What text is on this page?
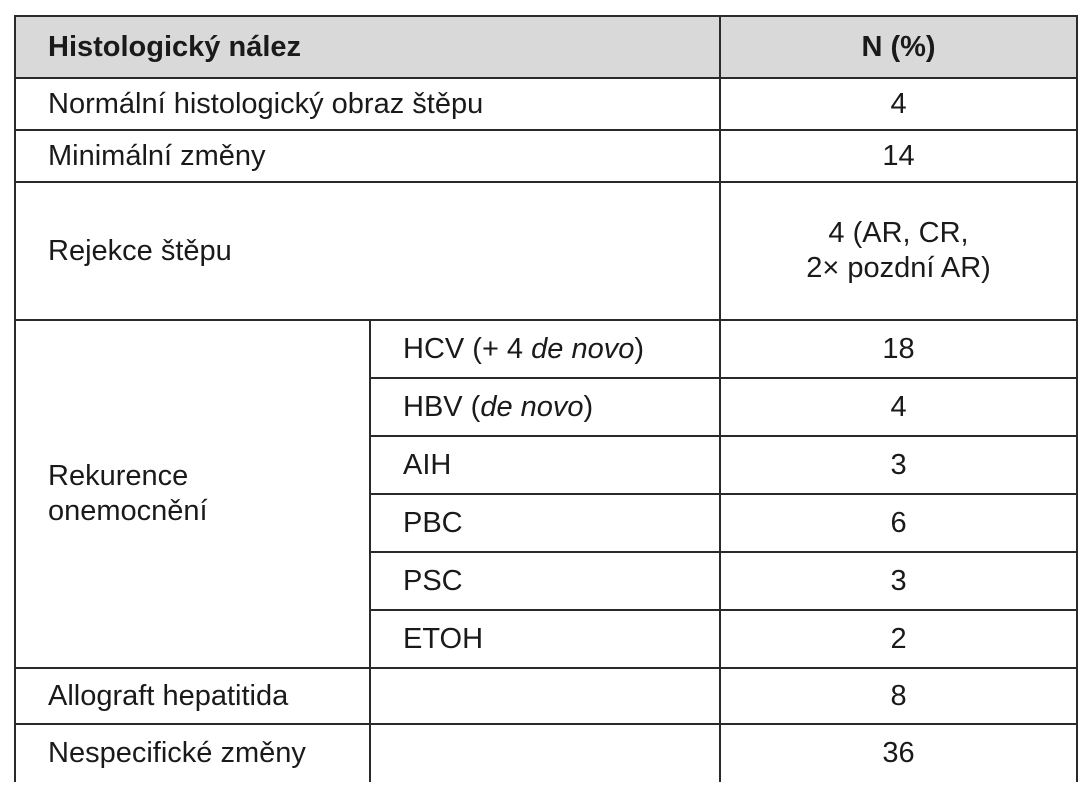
Histologický nález		N (%)
Normální histologický obraz štěpu		4
Minimální změny		14
Rejekce štěpu		4 (AR, CR,
2× pozdní AR)
Rekurence
onemocnění	HCV (+ 4 de novo)	18
	HBV (de novo)	4
	AIH	3
	PBC	6
	PSC	3
	ETOH	2
Allograft hepatitida		8
Nespecifické změny		36
